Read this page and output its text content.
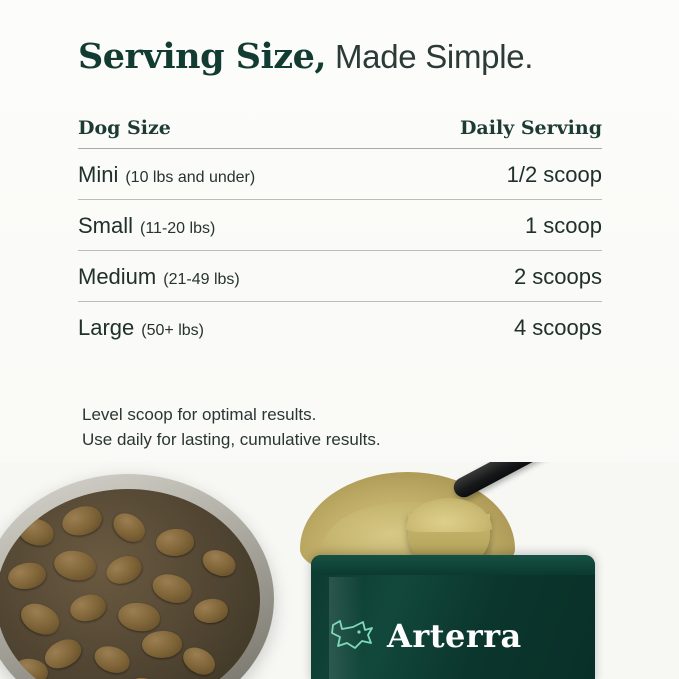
Serving Size, Made Simple.
Dog Size	Daily Serving
Mini (10 lbs and under)	1/2 scoop
Small (11-20 lbs)	1 scoop
Medium (21-49 lbs)	2 scoops
Large (50+ lbs)	4 scoops
Level scoop for optimal results.
Use daily for lasting, cumulative results.
Arterra
